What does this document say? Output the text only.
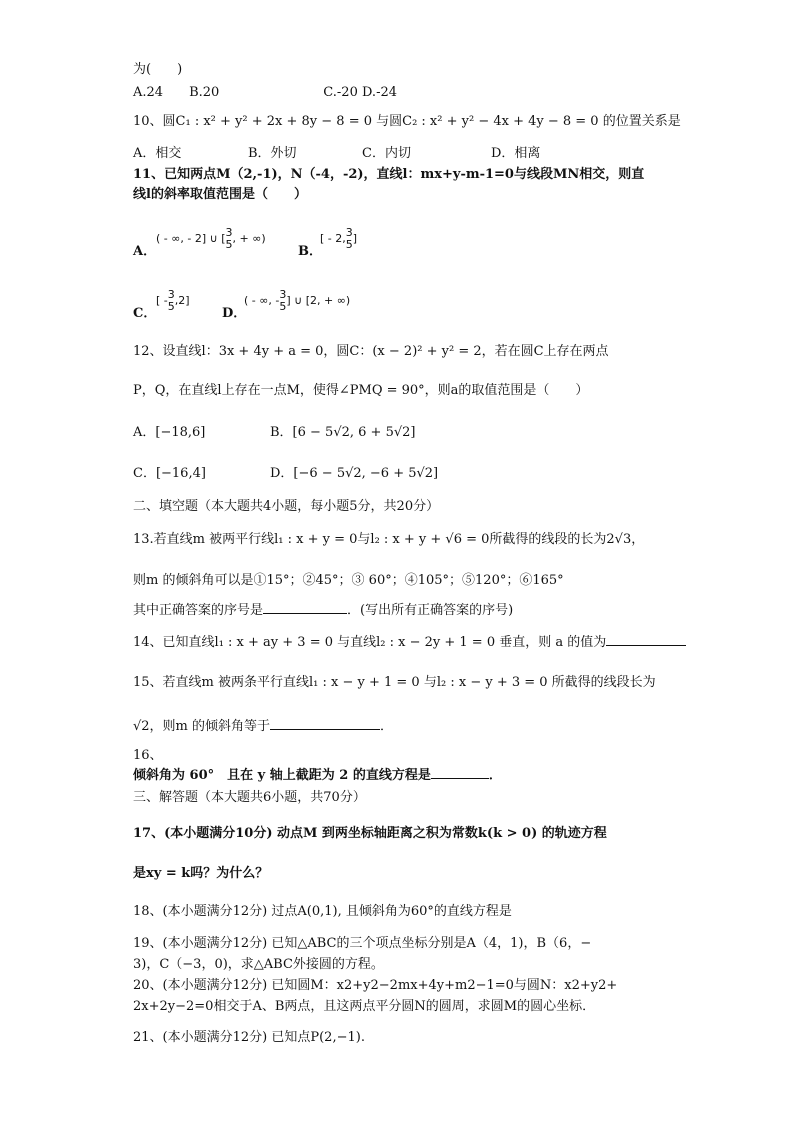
为(　　)
A.24　　B.20　　　　　　　　C.-20 D.-24
10、圆C₁ : x² + y² + 2x + 8y − 8 = 0 与圆C₂ : x² + y² − 4x + 4y − 8 = 0 的位置关系是
A．相交	B．外切	C．内切	D．相离
11、已知两点M（2,-1)，N（-4，-2)，直线l：mx+y-m-1=0与线段MN相交，则直
线l的斜率取值范围是（　　）
A．
( - ∞, - 2] ∪ [ 3
5 , + ∞)
B．
[ - 2, 3
5 ]
C．
[ - 3
5 ,2]
D．
( - ∞, - 3
5 ] ∪ [2, + ∞)
12、设直线l：3x + 4y + a = 0，圆C：(x − 2)² + y² = 2，若在圆C上存在两点
P，Q，在直线l上存在一点M，使得∠PMQ = 90°，则a的取值范围是（　　）
A．[−18,6]	B．[6 − 5√2, 6 + 5√2]
C．[−16,4]	D．[−6 − 5√2, −6 + 5√2]
二、填空题（本大题共4小题，每小题5分，共20分）
13.若直线m 被两平行线l₁ : x + y = 0与l₂ : x + y + √6 = 0所截得的线段的长为2√3，
则m 的倾斜角可以是①15°；②45°；③ 60°；④105°；⑤120°；⑥165°
其中正确答案的序号是	．(写出所有正确答案的序号)
14、已知直线l₁ : x + ay + 3 = 0 与直线l₂ : x − 2y + 1 = 0 垂直，则 a 的值为
15、若直线m 被两条平行直线l₁ : x − y + 1 = 0 与l₂ : x − y + 3 = 0 所截得的线段长为
√2，则m 的倾斜角等于	．
16、
倾斜角为 60°　且在 y 轴上截距为 2 的直线方程是	．
三、解答题（本大题共6小题，共70分）
17、(本小题满分10分) 动点M 到两坐标轴距离之积为常数k(k > 0) 的轨迹方程
是xy = k吗？为什么？
18、(本小题满分12分) 过点A(0,1), 且倾斜角为60°的直线方程是
19、(本小题满分12分) 已知△ABC的三个项点坐标分别是A（4，1)，B（6，−
3)，C（−3，0)，求△ABC外接圆的方程。
20、(本小题满分12分) 已知圆M：x2+y2−2mx+4y+m2−1=0与圆N：x2+y2+
2x+2y−2=0相交于A、B两点，且这两点平分圆N的圆周，求圆M的圆心坐标．
21、(本小题满分12分) 已知点P(2,−1).
